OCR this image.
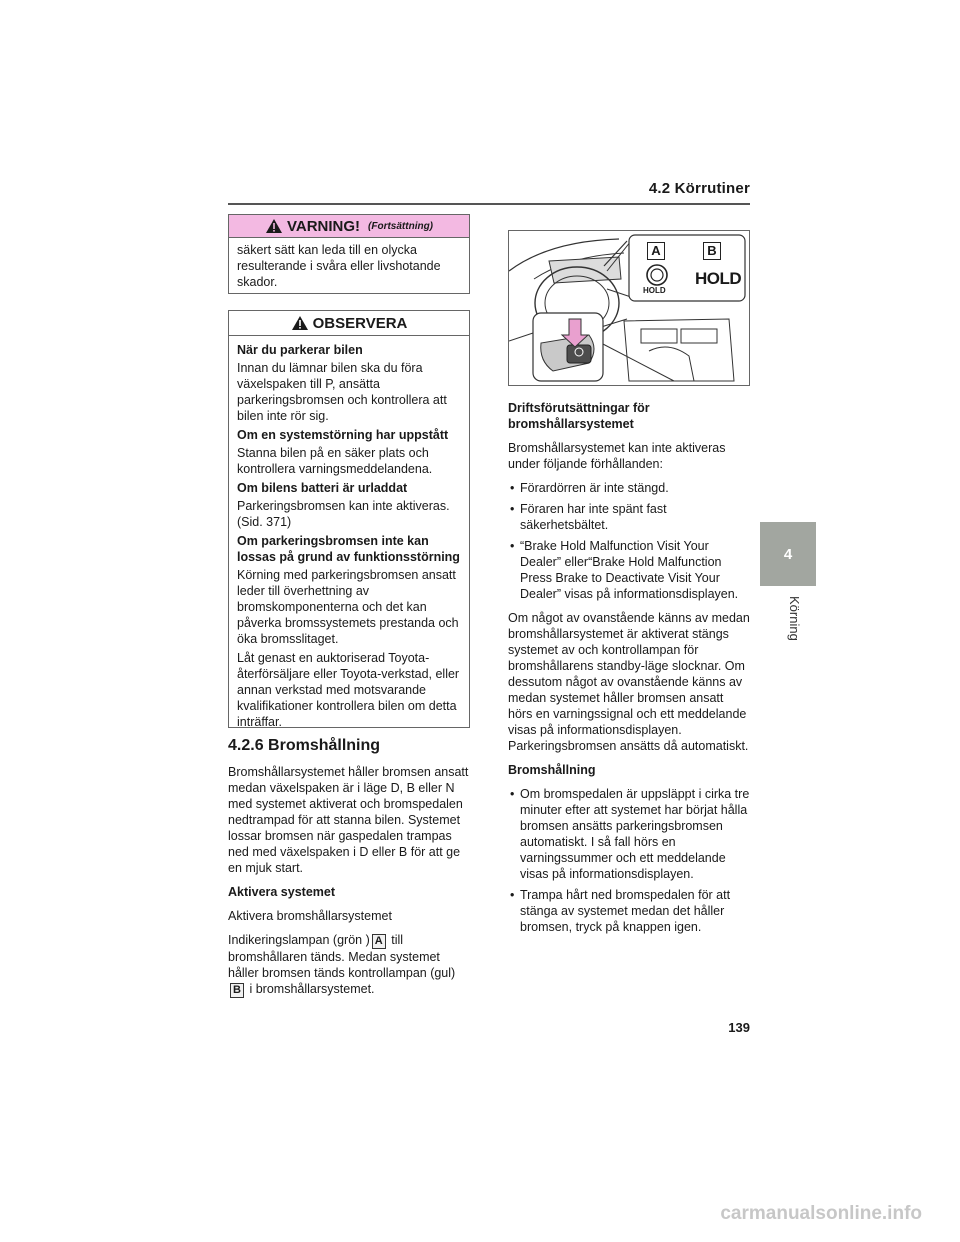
4.2 Körrutiner
VARNING! (Fortsättning)
säkert sätt kan leda till en olycka resulterande i svåra eller livshotande skador.
OBSERVERA
När du parkerar bilen

Innan du lämnar bilen ska du föra växelspaken till P, ansätta parkeringsbromsen och kontrollera att bilen inte rör sig.

Om en systemstörning har uppstått

Stanna bilen på en säker plats och kontrollera varningsmeddelandena.

Om bilens batteri är urladdat

Parkeringsbromsen kan inte aktiveras. (Sid. 371)

Om parkeringsbromsen inte kan lossas på grund av funktionsstörning

Körning med parkeringsbromsen ansatt leder till överhettning av bromskomponenterna och det kan påverka bromssystemets prestanda och öka bromsslitaget.

Låt genast en auktoriserad Toyota-återförsäljare eller Toyota-verkstad, eller annan verkstad med motsvarande kvalifikationer kontrollera bilen om detta inträffar.

4.2.6 Bromshållning

Bromshållarsystemet håller bromsen ansatt medan växelspaken är i läge D, B eller N med systemet aktiverat och bromspedalen nedtrampad för att stanna bilen. Systemet lossar bromsen när gaspedalen trampas ned med växelspaken i D eller B för att ge en mjuk start.

Aktivera systemet

Aktivera bromshållarsystemet

Indikeringslampan (grön ) A till bromshållaren tänds. Medan systemet håller bromsen tänds kontrollampan (gul) B i bromshållarsystemet.

A	B
HOLD
HOLD
Driftsförutsättningar för bromshållarsystemet

Bromshållarsystemet kan inte aktiveras under följande förhållanden:

• Förardörren är inte stängd.
• Föraren har inte spänt fast säkerhetsbältet.
• “Brake Hold Malfunction Visit Your Dealer” eller“Brake Hold Malfunction Press Brake to Deactivate Visit Your Dealer” visas på informationsdisplayen.

Om något av ovanstående känns av medan bromshållarsystemet är aktiverat stängs systemet av och kontrollampan för bromshållarens standby-läge slocknar. Om dessutom något av ovanstående känns av medan systemet håller bromsen ansatt hörs en varningssignal och ett meddelande visas på informationsdisplayen. Parkeringsbromsen ansätts då automatiskt.

Bromshållning
• Om bromspedalen är uppsläppt i cirka tre minuter efter att systemet har börjat hålla bromsen ansätts parkeringsbromsen automatiskt. I så fall hörs en varningssummer och ett meddelande visas på informationsdisplayen.
• Trampa hårt ned bromspedalen för att stänga av systemet medan det håller bromsen, tryck på knappen igen.
4
Körning
139
carmanualsonline.info
